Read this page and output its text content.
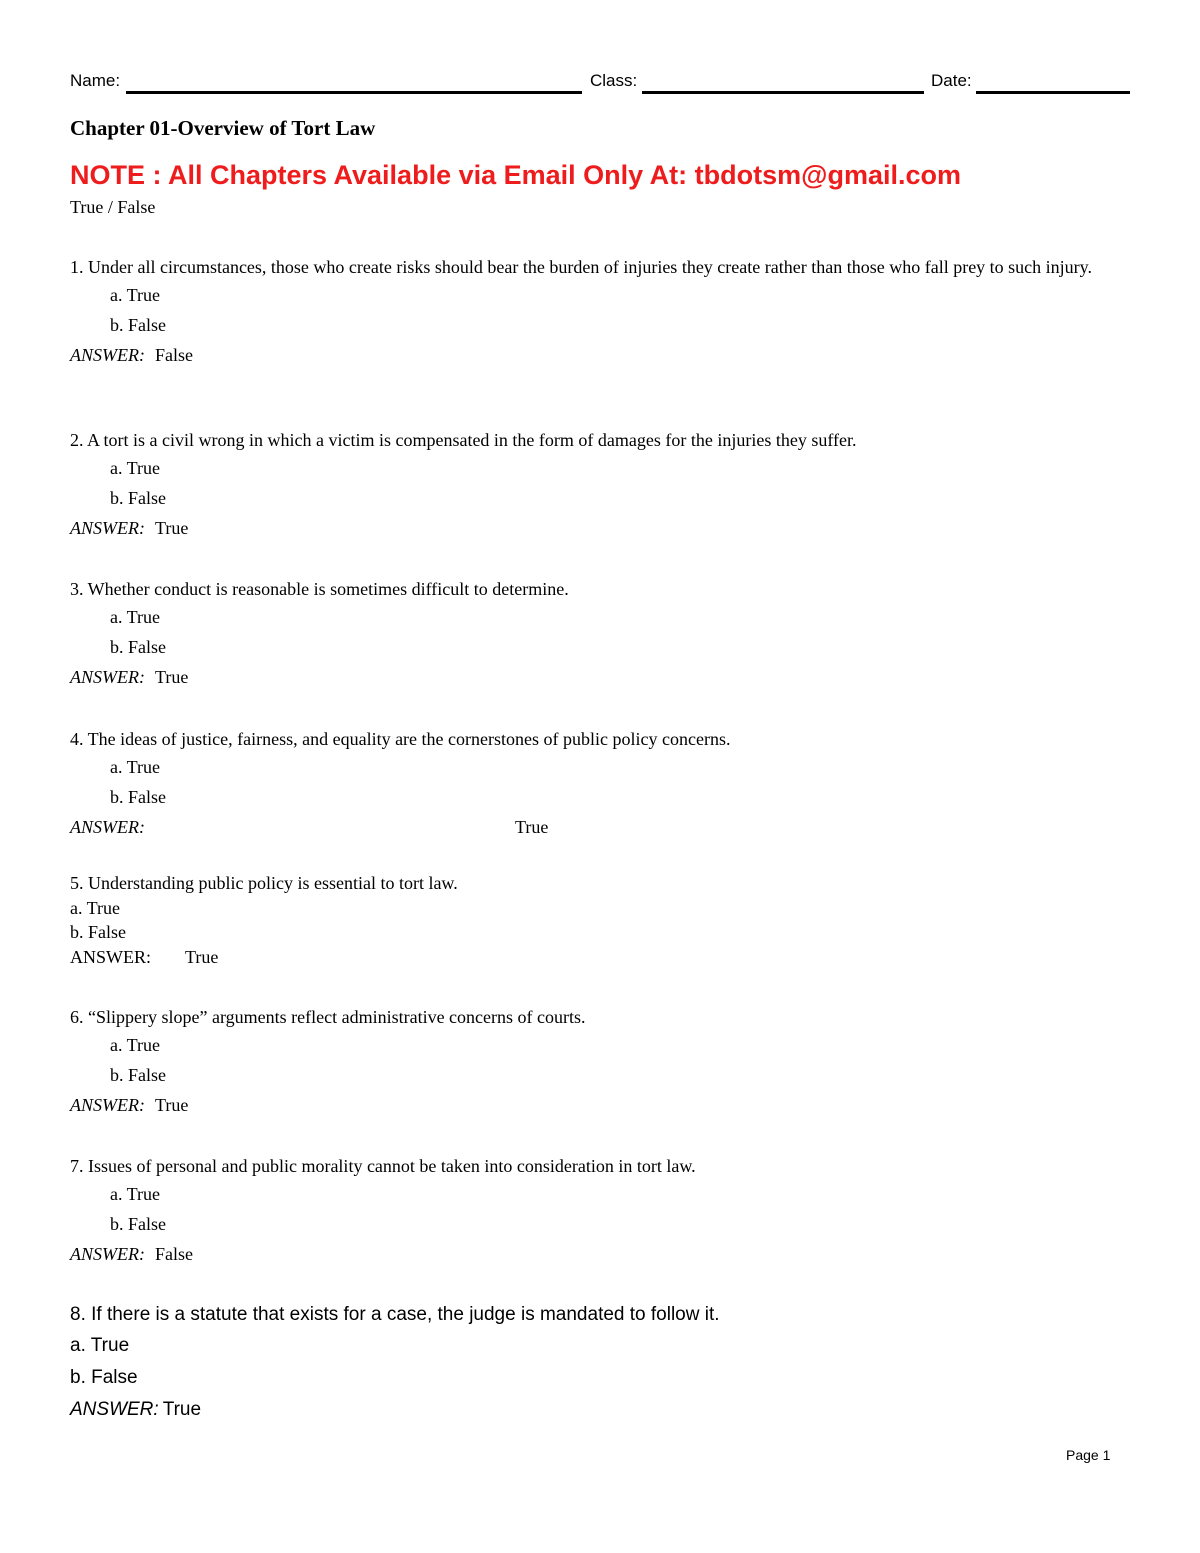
Name:	Class:	Date:
Chapter 01-Overview of Tort Law
NOTE : All Chapters Available via Email Only At: tbdotsm@gmail.com
True / False
1. Under all circumstances, those who create risks should bear the burden of injuries they create rather than those who fall prey to such injury.
a. True
b. False
ANSWER: False
2. A tort is a civil wrong in which a victim is compensated in the form of damages for the injuries they suffer.
a. True
b. False
ANSWER: True
3. Whether conduct is reasonable is sometimes difficult to determine.
a. True
b. False
ANSWER: True
4. The ideas of justice, fairness, and equality are the cornerstones of public policy concerns.
a. True
b. False
ANSWER:	True
5. Understanding public policy is essential to tort law.
a. True
b. False
ANSWER: True
6. “Slippery slope” arguments reflect administrative concerns of courts.
a. True
b. False
ANSWER: True
7. Issues of personal and public morality cannot be taken into consideration in tort law.
a. True
b. False
ANSWER: False
8. If there is a statute that exists for a case, the judge is mandated to follow it.
a. True
b. False
ANSWER: True
Page 1
